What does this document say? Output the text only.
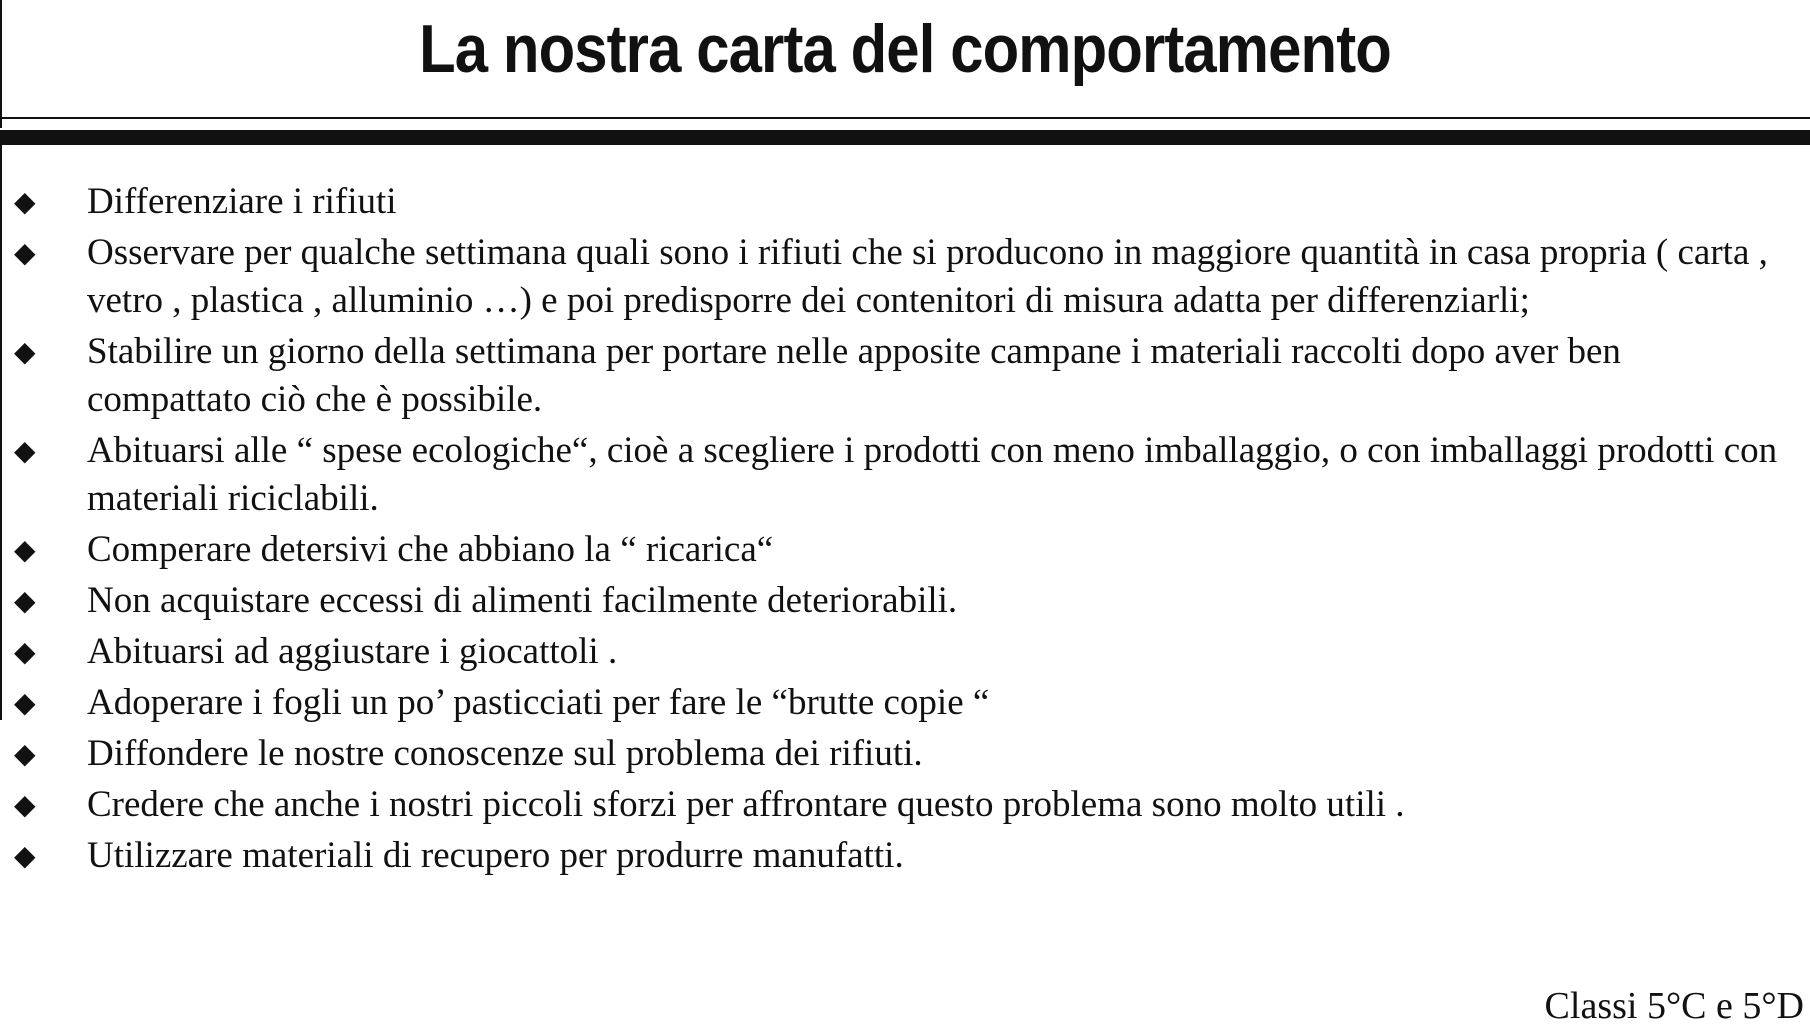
La nostra carta del comportamento
◆ Differenziare i rifiuti
◆ Osservare per qualche settimana quali sono i rifiuti che si producono in maggiore quantità in casa propria ( carta , vetro , plastica , alluminio …) e poi predisporre dei contenitori di misura adatta per differenziarli;
◆ Stabilire un giorno della settimana per portare nelle apposite campane i materiali raccolti dopo aver ben compattato ciò che è possibile.
◆ Abituarsi alle “ spese ecologiche“, cioè a scegliere i prodotti con meno imballaggio, o con imballaggi prodotti con materiali riciclabili.
◆ Comperare detersivi che abbiano la “ ricarica“
◆ Non acquistare eccessi di alimenti facilmente deteriorabili.
◆ Abituarsi ad aggiustare i giocattoli .
◆ Adoperare i fogli un po’ pasticciati per fare le “brutte copie “
◆ Diffondere le nostre conoscenze sul problema dei rifiuti.
◆ Credere che anche i nostri piccoli sforzi per affrontare questo problema sono molto utili .
◆ Utilizzare materiali di recupero per produrre manufatti.
Classi 5°C e 5°D
